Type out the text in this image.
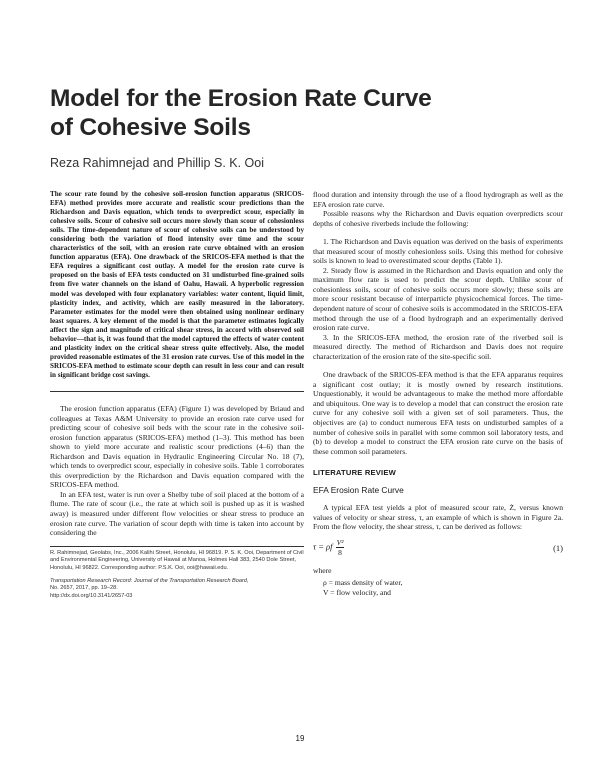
Model for the Erosion Rate Curve
of Cohesive Soils
Reza Rahimnejad and Phillip S. K. Ooi

The scour rate found by the cohesive soil-erosion function apparatus (SRICOS-EFA) method provides more accurate and realistic scour predictions than the Richardson and Davis equation, which tends to overpredict scour, especially in cohesive soils. Scour of cohesive soil occurs more slowly than scour of cohesionless soils. The time-dependent nature of scour of cohesive soils can be understood by considering both the variation of flood intensity over time and the scour characteristics of the soil, with an erosion rate curve obtained with an erosion function apparatus (EFA). One drawback of the SRICOS-EFA method is that the EFA requires a significant cost outlay. A model for the erosion rate curve is proposed on the basis of EFA tests conducted on 31 undisturbed fine-grained soils from five water channels on the island of Oahu, Hawaii. A hyperbolic regression model was developed with four explanatory variables: water content, liquid limit, plasticity index, and activity, which are easily measured in the laboratory. Parameter estimates for the model were then obtained using nonlinear ordinary least squares. A key element of the model is that the parameter estimates logically affect the sign and magnitude of critical shear stress, in accord with observed soil behavior—that is, it was found that the model captured the effects of water content and plasticity index on the critical shear stress quite effectively. Also, the model provided reasonable estimates of the 31 erosion rate curves. Use of this model in the SRICOS-EFA method to estimate scour depth can result in less cour and can result in significant bridge cost savings.

The erosion function apparatus (EFA) (Figure 1) was developed by Briaud and colleagues at Texas A&M University to provide an erosion rate curve used for predicting scour of cohesive soil beds with the scour rate in the cohesive soil-erosion function apparatus (SRICOS-EFA) method (1–3). This method has been shown to yield more accurate and realistic scour predictions (4–6) than the Richardson and Davis equation in Hydraulic Engineering Circular No. 18 (7), which tends to overpredict scour, especially in cohesive soils. Table 1 corroborates this overprediction by the Richardson and Davis equation compared with the SRICOS-EFA method.

In an EFA test, water is run over a Shelby tube of soil placed at the bottom of a flume. The rate of scour (i.e., the rate at which soil is pushed up as it is washed away) is measured under different flow velocities or shear stress to produce an erosion rate curve. The variation of scour depth with time is taken into account by considering the

R. Rahimnejad, Geolabs, Inc., 2006 Kalihi Street, Honolulu, HI 96819. P. S. K. Ooi, Department of Civil and Environmental Engineering, University of Hawaii at Manoa, Holmes Hall 383, 2540 Dole Street, Honolulu, HI 96822. Corresponding author: P.S.K. Ooi, ooi@hawaii.edu.

Transportation Research Record: Journal of the Transportation Research Board,

No. 2657, 2017, pp. 19–28.

http://dx.doi.org/10.3141/2657-03

flood duration and intensity through the use of a flood hydrograph as well as the EFA erosion rate curve.

Possible reasons why the Richardson and Davis equation overpredicts scour depths of cohesive riverbeds include the following:

1. The Richardson and Davis equation was derived on the basis of experiments that measured scour of mostly cohesionless soils. Using this method for cohesive soils is known to lead to overestimated scour depths (Table 1).

2. Steady flow is assumed in the Richardson and Davis equation and only the maximum flow rate is used to predict the scour depth. Unlike scour of cohesionless soils, scour of cohesive soils occurs more slowly; these soils are more scour resistant because of interparticle physicochemical forces. The time-dependent nature of scour of cohesive soils is accommodated in the SRICOS-EFA method through the use of a flood hydrograph and an experimentally derived erosion rate curve.

3. In the SRICOS-EFA method, the erosion rate of the riverbed soil is measured directly. The method of Richardson and Davis does not require characterization of the erosion rate of the site-specific soil.

One drawback of the SRICOS-EFA method is that the EFA apparatus requires a significant cost outlay; it is mostly owned by research institutions. Unquestionably, it would be advantageous to make the method more affordable and ubiquitous. One way is to develop a model that can construct the erosion rate curve for any cohesive soil with a given set of soil parameters. Thus, the objectives are (a) to conduct numerous EFA tests on undisturbed samples of a number of cohesive soils in parallel with some common soil laboratory tests, and (b) to develop a model to construct the EFA erosion rate curve on the basis of these common soil parameters.

LITERATURE REVIEW

EFA Erosion Rate Curve

A typical EFA test yields a plot of measured scour rate, Ż, versus known values of velocity or shear stress, τ, an example of which is shown in Figure 2a. From the flow velocity, the shear stress, τ, can be derived as follows:

τ = ρf $\frac{\text{V²}}{8}$	(1)

where

ρ = mass density of water,

V = flow velocity, and

19
